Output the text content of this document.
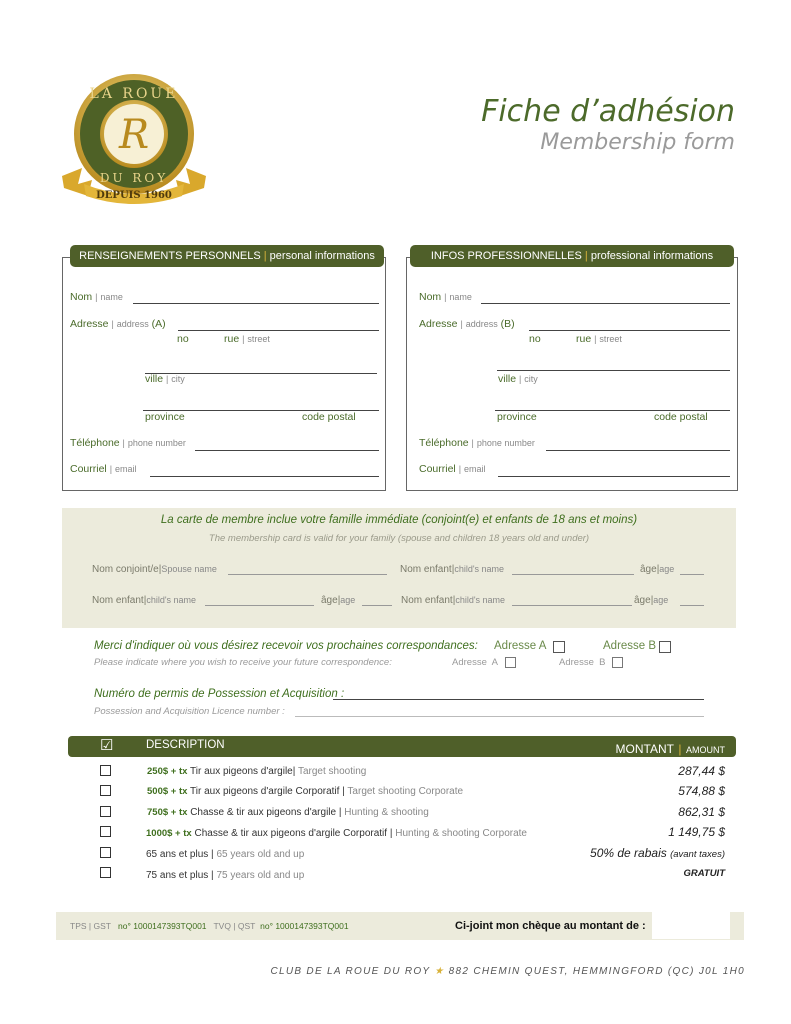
R
LA ROUE
DU ROY
DEPUIS 1960
Fiche d’adhésion
Membership form
RENSEIGNEMENTS PERSONNELS
|
personal informations
Nom | name
Adresse | address (A)
no	rue | street
ville | city
province	code postal
Téléphone | phone number
Courriel | email
INFOS PROFESSIONNELLES
|
professional informations
Nom | name
Adresse | address (B)
no	rue | street
ville | city
province	code postal
Téléphone | phone number
Courriel | email
La carte de membre inclue votre famille immédiate (conjoint(e) et enfants de 18 ans et moins)
The membership card is valid for your family (spouse and children 18 years old and under)
Nom conjoint/e|Spouse name	Nom enfant|child's name	âge|age
Nom enfant|child's name	âge|age	Nom enfant|child's name	âge|age
Merci d'indiquer où vous désirez recevoir vos prochaines correspondances: Adresse A	Adresse B
Please indicate where you wish to receive your future correspondence:	Adresse A	Adresse B
Numéro de permis de Possession et Acquisition :
Possession and Acquisition Licence number :
☑	DESCRIPTION	MONTANT | AMOUNT
250$ + tx Tir aux pigeons d'argile| Target shooting	287,44 $
500$ + tx Tir aux pigeons d'argile Corporatif | Target shooting Corporate	574,88 $
750$ + tx Chasse & tir aux pigeons d'argile | Hunting & shooting	862,31 $
1000$ + tx Chasse & tir aux pigeons d'argile Corporatif | Hunting & shooting Corporate	1 149,75 $
65 ans et plus | 65 years old and up	50% de rabais (avant taxes)
75 ans et plus | 75 years old and up	GRATUIT
TPS | GST no° 1000147393TQ001 TVQ | QST no° 1000147393TQ001	Ci-joint mon chèque au montant de :
CLUB DE LA ROUE DU ROY ★ 882 CHEMIN QUEST, HEMMINGFORD (QC) J0L 1H0
